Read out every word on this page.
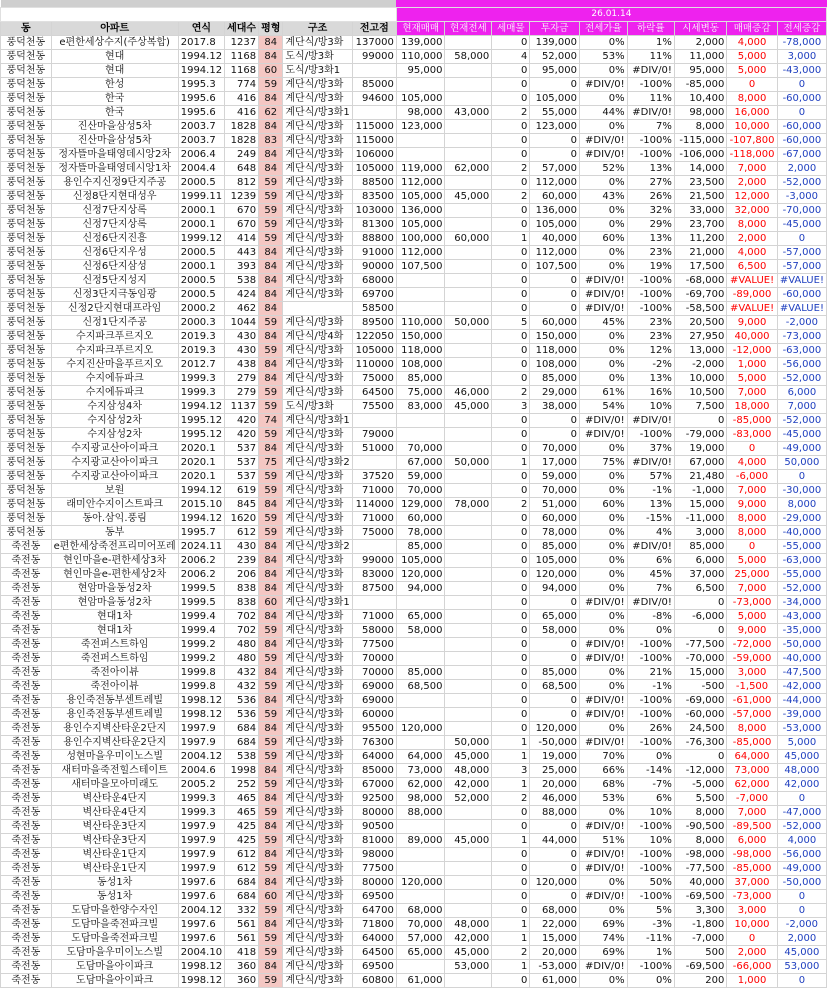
							26.01.14								
동	아파트	연식	세대수	평형	구조	전고점	현재매매	현재전세	세매물	투자금	전세가율	하락률	시세변동	매매증감	전세증감
풍덕천동	e편한세상수지(주상복합)	2017.8	1237	84	계단식/방3화	137000	139,000		0	139,000	0%	1%	2,000	4,000	-78,000
풍덕천동	현대	1994.12	1168	84	도식/방3화	99000	110,000	58,000	4	52,000	53%	11%	11,000	5,000	3,000
풍덕천동	현대	1994.12	1168	60	도식/방3화1		95,000		0	95,000	0%	#DIV/0!	95,000	5,000	-43,000
풍덕천동	한성	1995.3	774	59	계단식/방3화	85000			0	0	#DIV/0!	-100%	-85,000	0	0
풍덕천동	한국	1995.6	416	84	계단식/방3화	94600	105,000		0	105,000	0%	11%	10,400	8,000	-60,000
풍덕천동	한국	1995.6	416	62	계단식/방3화1		98,000	43,000	2	55,000	44%	#DIV/0!	98,000	16,000	0
풍덕천동	진산마을삼성5차	2003.7	1828	84	계단식/방3화	115000	123,000		0	123,000	0%	7%	8,000	10,000	-60,000
풍덕천동	진산마을삼성5차	2003.7	1828	83	계단식/방3화	115000			0	0	#DIV/0!	-100%	-115,000	-107,800	-60,000
풍덕천동	정자뜰마을태영데시앙2차	2006.4	249	84	계단식/방3화	106000			0	0	#DIV/0!	-100%	-106,000	-118,000	-67,000
풍덕천동	정자뜰마을태영데시앙1차	2004.4	648	84	계단식/방3화	105000	119,000	62,000	2	57,000	52%	13%	14,000	7,000	2,000
풍덕천동	용인수지신정9단지주공	2000.5	812	59	계단식/방3화	88500	112,000		0	112,000	0%	27%	23,500	2,000	-52,000
풍덕천동	신정8단지현대성우	1999.11	1239	59	계단식/방3화	83500	105,000	45,000	2	60,000	43%	26%	21,500	12,000	-3,000
풍덕천동	신정7단지상록	2000.1	670	59	계단식/방3화	103000	136,000		0	136,000	0%	32%	33,000	32,000	-70,000
풍덕천동	신정7단지상록	2000.1	670	59	계단식/방3화	81300	105,000		0	105,000	0%	29%	23,700	8,000	-45,000
풍덕천동	신정6단지진흥	1999.12	414	59	계단식/방3화	88800	100,000	60,000	1	40,000	60%	13%	11,200	2,000	0
풍덕천동	신정6단지우성	2000.5	443	84	계단식/방3화	91000	112,000		0	112,000	0%	23%	21,000	4,000	-57,000
풍덕천동	신정6단지삼성	2000.1	393	84	계단식/방3화	90000	107,500		0	107,500	0%	19%	17,500	6,500	-57,000
풍덕천동	신정5단지성지	2000.5	538	84	계단식/방3화	68000			0	0	#DIV/0!	-100%	-68,000	#VALUE!	#VALUE!
풍덕천동	신정3단지극동임광	2000.5	424	84	계단식/방3화	69700			0	0	#DIV/0!	-100%	-69,700	-89,000	-60,000
풍덕천동	신정2단지현대프라임	2000.2	462	84		58500			0	0	#DIV/0!	-100%	-58,500	#VALUE!	#VALUE!
풍덕천동	신정1단지주공	2000.3	1044	59	계단식/방3화	89500	110,000	50,000	5	60,000	45%	23%	20,500	9,000	-2,000
풍덕천동	수지파크푸르지오	2019.3	430	84	계단식/방4화	122050	150,000		0	150,000	0%	23%	27,950	40,000	-73,000
풍덕천동	수지파크푸르지오	2019.3	430	59	계단식/방3화	105000	118,000		0	118,000	0%	12%	13,000	-12,000	-63,000
풍덕천동	수지진산마을푸르지오	2012.7	438	84	계단식/방3화	110000	108,000		0	108,000	0%	-2%	-2,000	1,000	-56,000
풍덕천동	수지에듀파크	1999.3	279	84	계단식/방3화	75000	85,000		0	85,000	0%	13%	10,000	5,000	-52,000
풍덕천동	수지에듀파크	1999.3	279	59	계단식/방3화	64500	75,000	46,000	2	29,000	61%	16%	10,500	7,000	6,000
풍덕천동	수지삼성4차	1994.12	1137	59	도식/방3화	75500	83,000	45,000	3	38,000	54%	10%	7,500	18,000	7,000
풍덕천동	수지삼성2차	1995.12	420	74	계단식/방3화1				0	0	#DIV/0!	#DIV/0!	0	-85,000	-52,000
풍덕천동	수지삼성2차	1995.12	420	59	계단식/방3화	79000			0	0	#DIV/0!	-100%	-79,000	-83,000	-45,000
풍덕천동	수지광교산아이파크	2020.1	537	84	계단식/방3화	51000	70,000		0	70,000	0%	37%	19,000	0	-49,000
풍덕천동	수지광교산아이파크	2020.1	537	75	계단식/방3화2		67,000	50,000	1	17,000	75%	#DIV/0!	67,000	4,000	50,000
풍덕천동	수지광교산아이파크	2020.1	537	59	계단식/방3화	37520	59,000		0	59,000	0%	57%	21,480	-6,000	0
풍덕천동	보원	1994.12	619	59	계단식/방3화	71000	70,000		0	70,000	0%	-1%	-1,000	7,000	-30,000
풍덕천동	래미안수지이스트파크	2015.10	845	84	계단식/방3화	114000	129,000	78,000	2	51,000	60%	13%	15,000	9,000	8,000
풍덕천동	동아.삼익.풍림	1994.12	1620	59	계단식/방3화	71000	60,000		0	60,000	0%	-15%	-11,000	8,000	-29,000
풍덕천동	동부	1995.7	612	59	계단식/방3화	75000	78,000		0	78,000	0%	4%	3,000	8,000	-40,000
죽전동	e편한세상죽전프리미어포레	2024.11	430	84	계단식/방3화2		85,000		0	85,000	0%	#DIV/0!	85,000	0	-55,000
죽전동	현인마을e-편한세상3차	2006.2	239	84	계단식/방3화	99000	105,000		0	105,000	0%	6%	6,000	5,000	-63,000
죽전동	현인마을e-편한세상2차	2006.2	206	84	계단식/방3화	83000	120,000		0	120,000	0%	45%	37,000	25,000	-55,000
죽전동	현암마을동성2차	1999.5	838	84	계단식/방3화	87500	94,000		0	94,000	0%	7%	6,500	7,000	-52,000
죽전동	현암마을동성2차	1999.5	838	60	계단식/방3화1				0	0	#DIV/0!	#DIV/0!	0	-73,000	-34,000
죽전동	현대1차	1999.4	702	84	계단식/방3화	71000	65,000		0	65,000	0%	-8%	-6,000	5,000	-43,000
죽전동	현대1차	1999.4	702	59	계단식/방3화	58000	58,000		0	58,000	0%	0%	0	9,000	-35,000
죽전동	죽전퍼스트하임	1999.2	480	84	계단식/방3화	77500			0	0	#DIV/0!	-100%	-77,500	-72,000	-50,000
죽전동	죽전퍼스트하임	1999.2	480	59	계단식/방3화	70000			0	0	#DIV/0!	-100%	-70,000	-59,000	-40,000
죽전동	죽전아이뷰	1999.8	432	84	계단식/방3화	70000	85,000		0	85,000	0%	21%	15,000	3,000	-47,500
죽전동	죽전아이뷰	1999.8	432	59	계단식/방3화	69000	68,500		0	68,500	0%	-1%	-500	-1,500	-42,000
죽전동	용인죽전동부센트레빌	1998.12	536	84	계단식/방3화	69000			0	0	#DIV/0!	-100%	-69,000	-61,000	-44,000
죽전동	용인죽전동부센트레빌	1998.12	536	59	계단식/방3화	60000			0	0	#DIV/0!	-100%	-60,000	-57,000	-39,000
죽전동	용인수지벽산타운2단지	1997.9	684	84	계단식/방3화	95500	120,000		0	120,000	0%	26%	24,500	8,000	-53,000
죽전동	용인수지벽산타운2단지	1997.9	684	59	계단식/방3화	76300		50,000	1	-50,000	#DIV/0!	-100%	-76,300	-85,000	5,000
죽전동	성현마을우미이노스빌	2004.12	538	59	계단식/방3화	64000	64,000	45,000	1	19,000	70%	0%	0	64,000	45,000
죽전동	새터마을죽전힐스테이트	2004.6	1998	84	계단식/방3화	85000	73,000	48,000	3	25,000	66%	-14%	-12,000	73,000	48,000
죽전동	새터마을모아미래도	2005.2	252	59	계단식/방3화	67000	62,000	42,000	1	20,000	68%	-7%	-5,000	62,000	42,000
죽전동	벽산타운4단지	1999.3	465	84	계단식/방3화	92500	98,000	52,000	2	46,000	53%	6%	5,500	-7,000	0
죽전동	벽산타운4단지	1999.3	465	59	계단식/방3화	80000	88,000		0	88,000	0%	10%	8,000	7,000	-47,000
죽전동	벽산타운3단지	1997.9	425	84	계단식/방3화	90500			0	0	#DIV/0!	-100%	-90,500	-89,500	-52,000
죽전동	벽산타운3단지	1997.9	425	59	계단식/방3화	81000	89,000	45,000	1	44,000	51%	10%	8,000	6,000	4,000
죽전동	벽산타운1단지	1997.9	612	84	계단식/방3화	98000			0	0	#DIV/0!	-100%	-98,000	-98,000	-56,000
죽전동	벽산타운1단지	1997.9	612	59	계단식/방3화	77500			0	0	#DIV/0!	-100%	-77,500	-85,000	-49,000
죽전동	동성1차	1997.6	684	84	계단식/방3화	80000	120,000		0	120,000	0%	50%	40,000	37,000	-50,000
죽전동	동성1차	1997.6	684	60	계단식/방3화	69500			0	0	#DIV/0!	-100%	-69,500	-73,000	0
죽전동	도담마을한양수자인	2004.12	332	59	계단식/방3화	64700	68,000		0	68,000	0%	5%	3,300	3,000	0
죽전동	도담마을죽전파크빌	1997.6	561	84	계단식/방3화	71800	70,000	48,000	1	22,000	69%	-3%	-1,800	10,000	-2,000
죽전동	도담마을죽전파크빌	1997.6	561	59	계단식/방3화	64000	57,000	42,000	1	15,000	74%	-11%	-7,000	0	2,000
죽전동	도담마을우미이노스빌	2004.10	418	59	계단식/방3화	64500	65,000	45,000	2	20,000	69%	1%	500	2,000	45,000
죽전동	도담마을아이파크	1998.12	360	84	계단식/방3화	69500		53,000	1	-53,000	#DIV/0!	-100%	-69,500	-66,000	53,000
죽전동	도담마을아이파크	1998.12	360	59	계단식/방3화	60800	61,000		0	61,000	0%	0%	200	1,000	0
